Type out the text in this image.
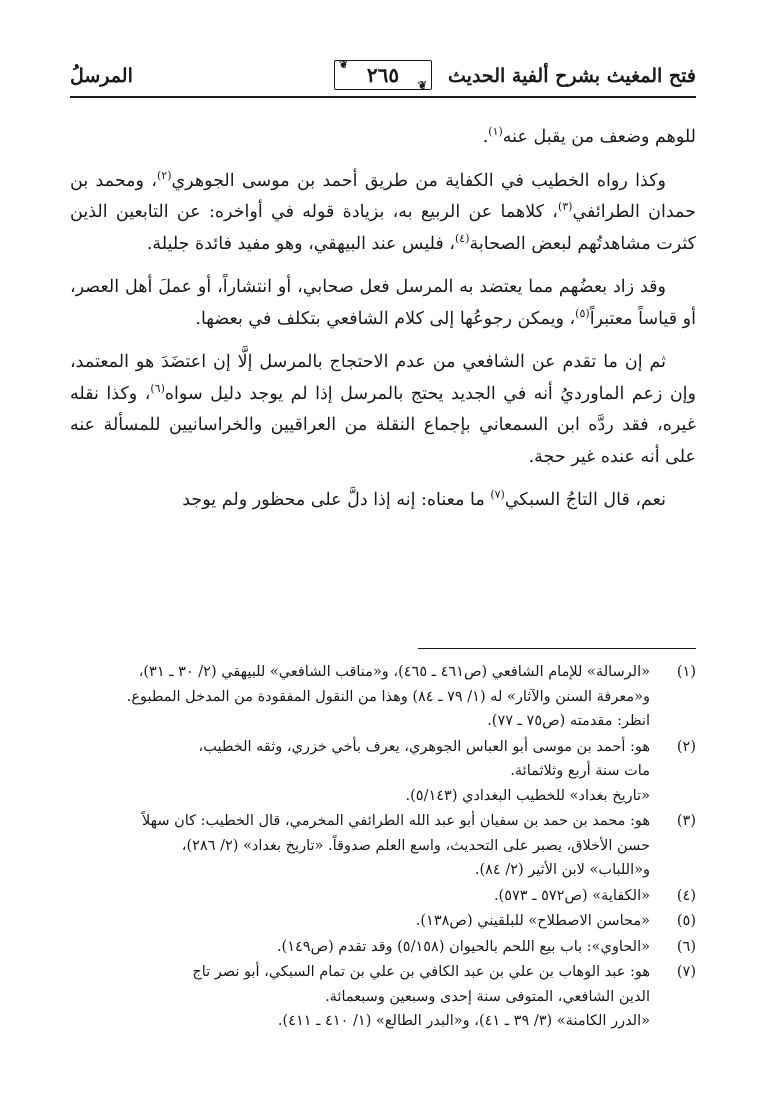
فتح المغيث بشرح ألفية الحديث
المرسلُ
❦ ٢٦٥ ❦

للوهم وضعف من يقبل عنه$^{(١)}$.

وكذا رواه الخطيب في الكفاية من طريق أحمد بن موسى الجوهري$^{(٢)}$، ومحمد بن حمدان الطرائفي$^{(٣)}$، كلاهما عن الربيع به، بزيادة قوله في أواخره: عن التابعين الذين كثرت مشاهدتُهم لبعض الصحابة$^{(٤)}$، فليس عند البيهقي، وهو مفيد فائدة جليلة.

وقد زاد بعضُهم مما يعتضد به المرسل فعل صحابي، أو انتشاراً، أو عملَ أهل العصر، أو قياساً معتبراً$^{(٥)}$، ويمكن رجوعُها إلى كلام الشافعي بتكلف في بعضها.

ثم إن ما تقدم عن الشافعي من عدم الاحتجاج بالمرسل إلَّا إن اعتضَدَ هو المعتمد، وإن زعم الماورديُ أنه في الجديد يحتج بالمرسل إذا لم يوجد دليل سواه$^{(٦)}$، وكذا نقله غيره، فقد ردَّه ابن السمعاني بإجماع النقلة من العراقيين والخراسانيين للمسألة عنه على أنه عنده غير حجة.

نعم، قال التاجُ السبكي$^{(٧)}$ ما معناه: إنه إذا دلَّ على محظور ولم يوجد

(١)
«الرسالة» للإمام الشافعي (ص٤٦١ ـ ٤٦٥)، و«مناقب الشافعي» للبيهقي (٢/ ٣٠ ـ ٣١)،
و«معرفة السنن والآثار» له (١/ ٧٩ ـ ٨٤) وهذا من النقول المفقودة من المدخل المطبوع.
انظر: مقدمته (ص٧٥ ـ ٧٧).
(٢)
هو: أحمد بن موسى أبو العباس الجوهري، يعرف بأخي خزري، وثقه الخطيب،
مات سنة أربع وثلاثمائة.
«تاريخ بغداد» للخطيب البغدادي (٥/١٤٣).
(٣)
هو: محمد بن حمد بن سفيان أبو عبد الله الطرائفي المخرمي، قال الخطيب: كان سهلاً
حسن الأخلاق، يصبر على التحديث، واسع العلم صدوقاً. «تاريخ بغداد» (٢/ ٢٨٦)،
و«اللباب» لابن الأثير (٢/ ٨٤).
(٤)
«الكفاية» (ص٥٧٢ ـ ٥٧٣).
(٥)
«محاسن الاصطلاح» للبلقيني (ص١٣٨).
(٦)
«الحاوي»: باب بيع اللحم بالحيوان (٥/١٥٨) وقد تقدم (ص١٤٩).
(٧)
هو: عبد الوهاب بن علي بن عبد الكافي بن علي بن تمام السبكي، أبو نصر تاج
الدين الشافعي، المتوفى سنة إحدى وسبعين وسبعمائة.
«الدرر الكامنة» (٣/ ٣٩ ـ ٤١)، و«البدر الطالع» (١/ ٤١٠ ـ ٤١١).
